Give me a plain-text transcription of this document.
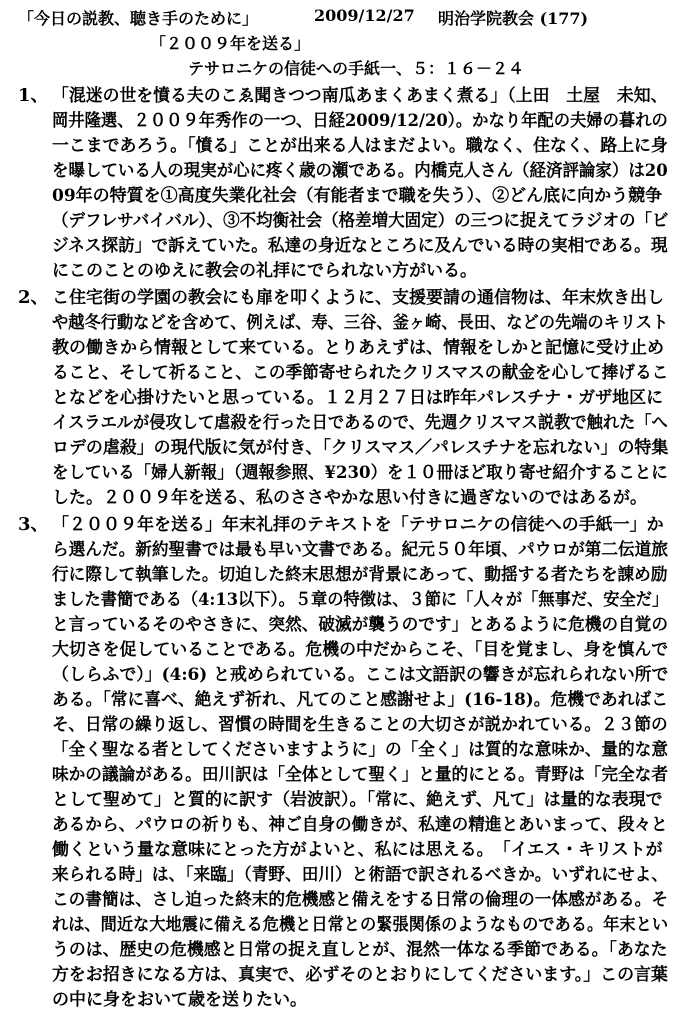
「今日の説教、聴き手のために」	2009/12/27 明治学院教会 (177)
「２００９年を送る」
テサロニケの信徒への手紙一、５：１６－２４
1、 「混迷の世を憤る夫のこゑ聞きつつ南瓜あまくあまく煮る」（上田　土屋　未知、
岡井隆選、２００９年秀作の一つ、日経2009/12/20）。かなり年配の夫婦の暮れの
一こまであろう。「憤る」ことが出来る人はまだよい。職なく、住なく、路上に身
を曝している人の現実が心に疼く歳の瀬である。内橋克人さん（経済評論家）は20
09年の特質を①高度失業化社会（有能者まで職を失う）、②どん底に向かう競争
（デフレサバイバル）、③不均衡社会（格差増大固定）の三つに捉えてラジオの「ビ
ジネス探訪」で訴えていた。私達の身近なところに及んでいる時の実相である。現
にこのことのゆえに教会の礼拝にでられない方がいる。
2、 こ住宅街の学園の教会にも扉を叩くように、支援要請の通信物は、年末炊き出し
や越冬行動などを含めて、例えば、寿、三谷、釜ヶ崎、長田、などの先端のキリスト
教の働きから情報として来ている。とりあえずは、情報をしかと記憶に受け止め
ること、そして祈ること、この季節寄せられたクリスマスの献金を心して捧げるこ
となどを心掛けたいと思っている。１２月２７日は昨年パレスチナ・ガザ地区に
イスラエルが侵攻して虐殺を行った日であるので、先週クリスマス説教で触れた「へ
ロデの虐殺」の現代版に気が付き、「クリスマス／パレスチナを忘れない」の特集
をしている「婦人新報」（週報参照、¥230）を１０冊ほど取り寄せ紹介することに
した。２００９年を送る、私のささやかな思い付きに過ぎないのではあるが。
3、 「２００９年を送る」年末礼拝のテキストを「テサロニケの信徒への手紙一」か
ら選んだ。新約聖書では最も早い文書である。紀元５０年頃、パウロが第二伝道旅
行に際して執筆した。切迫した終末思想が背景にあって、動揺する者たちを諌め励
ました書簡である（4:13以下）。５章の特徴は、３節に「人々が「無事だ、安全だ」
と言っているそのやさきに、突然、破滅が襲うのです」とあるように危機の自覚の
大切さを促していることである。危機の中だからこそ、「目を覚まし、身を慎んで
（しらふで）」(4:6) と戒められている。ここは文語訳の響きが忘れられない所で
ある。「常に喜べ、絶えず祈れ、凡てのこと感謝せよ」(16-18)。危機であればこ
そ、日常の繰り返し、習慣の時間を生きることの大切さが説かれている。２３節の
「全く聖なる者としてくださいますように」の「全く」は質的な意味か、量的な意
味かの議論がある。田川訳は「全体として聖く」と量的にとる。青野は「完全な者
として聖めて」と質的に訳す（岩波訳）。「常に、絶えず、凡て」は量的な表現で
あるから、パウロの祈りも、神ご自身の働きが、私達の精進とあいまって、段々と
働くという量な意味にとった方がよいと、私には思える。　「イエス・キリストが
来られる時」は、「来臨」（青野、田川）と術語で訳されるべきか。いずれにせよ、
この書簡は、さし迫った終末的危機感と備えをする日常の倫理の一体感がある。そ
れは、間近な大地震に備える危機と日常との緊張関係のようなものである。年末とい
うのは、歴史の危機感と日常の捉え直しとが、混然一体なる季節である。「あなた
方をお招きになる方は、真実で、必ずそのとおりにしてくださいます。」この言葉
の中に身をおいて歳を送りたい。
